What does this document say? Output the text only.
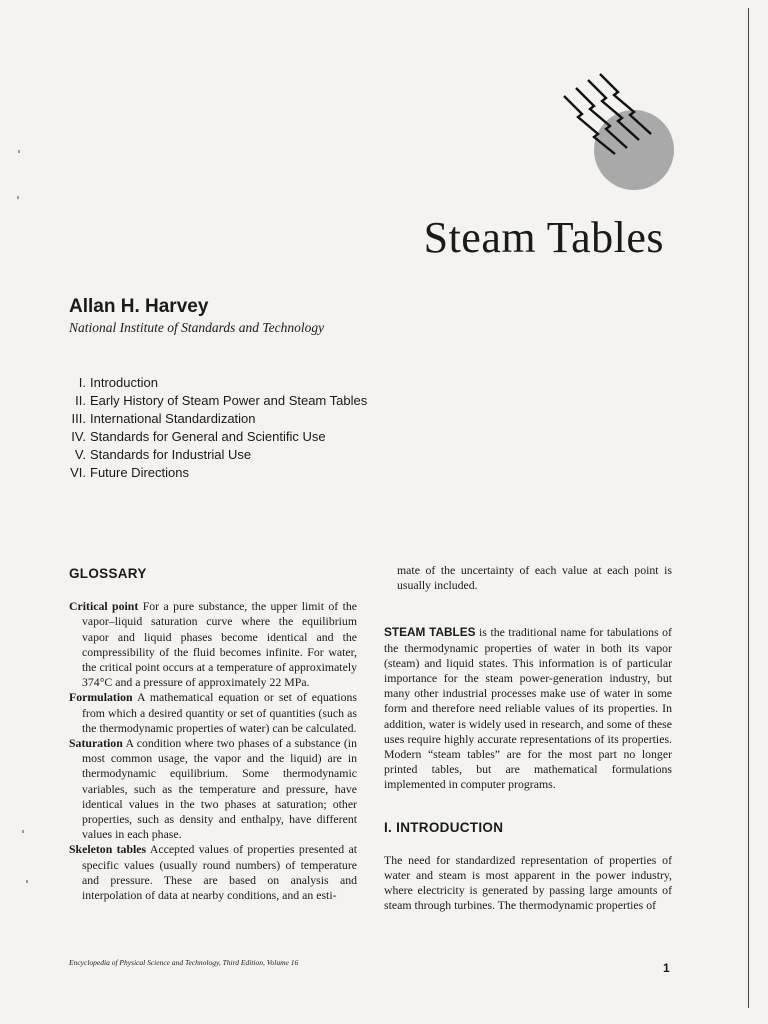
Steam Tables
Allan H. Harvey
National Institute of Standards and Technology
I. Introduction
II. Early History of Steam Power and Steam Tables
III. International Standardization
IV. Standards for General and Scientific Use
V. Standards for Industrial Use
VI. Future Directions
GLOSSARY

Critical point For a pure substance, the upper limit of the vapor–liquid saturation curve where the equilibrium vapor and liquid phases become identical and the compressibility of the fluid becomes infinite. For water, the critical point occurs at a temperature of approximately 374°C and a pressure of approximately 22 MPa.

Formulation A mathematical equation or set of equations from which a desired quantity or set of quantities (such as the thermodynamic properties of water) can be calculated.

Saturation A condition where two phases of a substance (in most common usage, the vapor and the liquid) are in thermodynamic equilibrium. Some thermodynamic variables, such as the temperature and pressure, have identical values in the two phases at saturation; other properties, such as density and enthalpy, have different values in each phase.

Skeleton tables Accepted values of properties presented at specific values (usually round numbers) of temperature and pressure. These are based on analysis and interpolation of data at nearby conditions, and an esti-

mate of the uncertainty of each value at each point is usually included.

STEAM TABLES is the traditional name for tabulations of the thermodynamic properties of water in both its vapor (steam) and liquid states. This information is of particular importance for the steam power-generation industry, but many other industrial processes make use of water in some form and therefore need reliable values of its properties. In addition, water is widely used in research, and some of these uses require highly accurate representations of its properties. Modern “steam tables” are for the most part no longer printed tables, but are mathematical formulations implemented in computer programs.

I. INTRODUCTION

The need for standardized representation of properties of water and steam is most apparent in the power industry, where electricity is generated by passing large amounts of steam through turbines. The thermodynamic properties of

Encyclopedia of Physical Science and Technology, Third Edition, Volume 16	1
